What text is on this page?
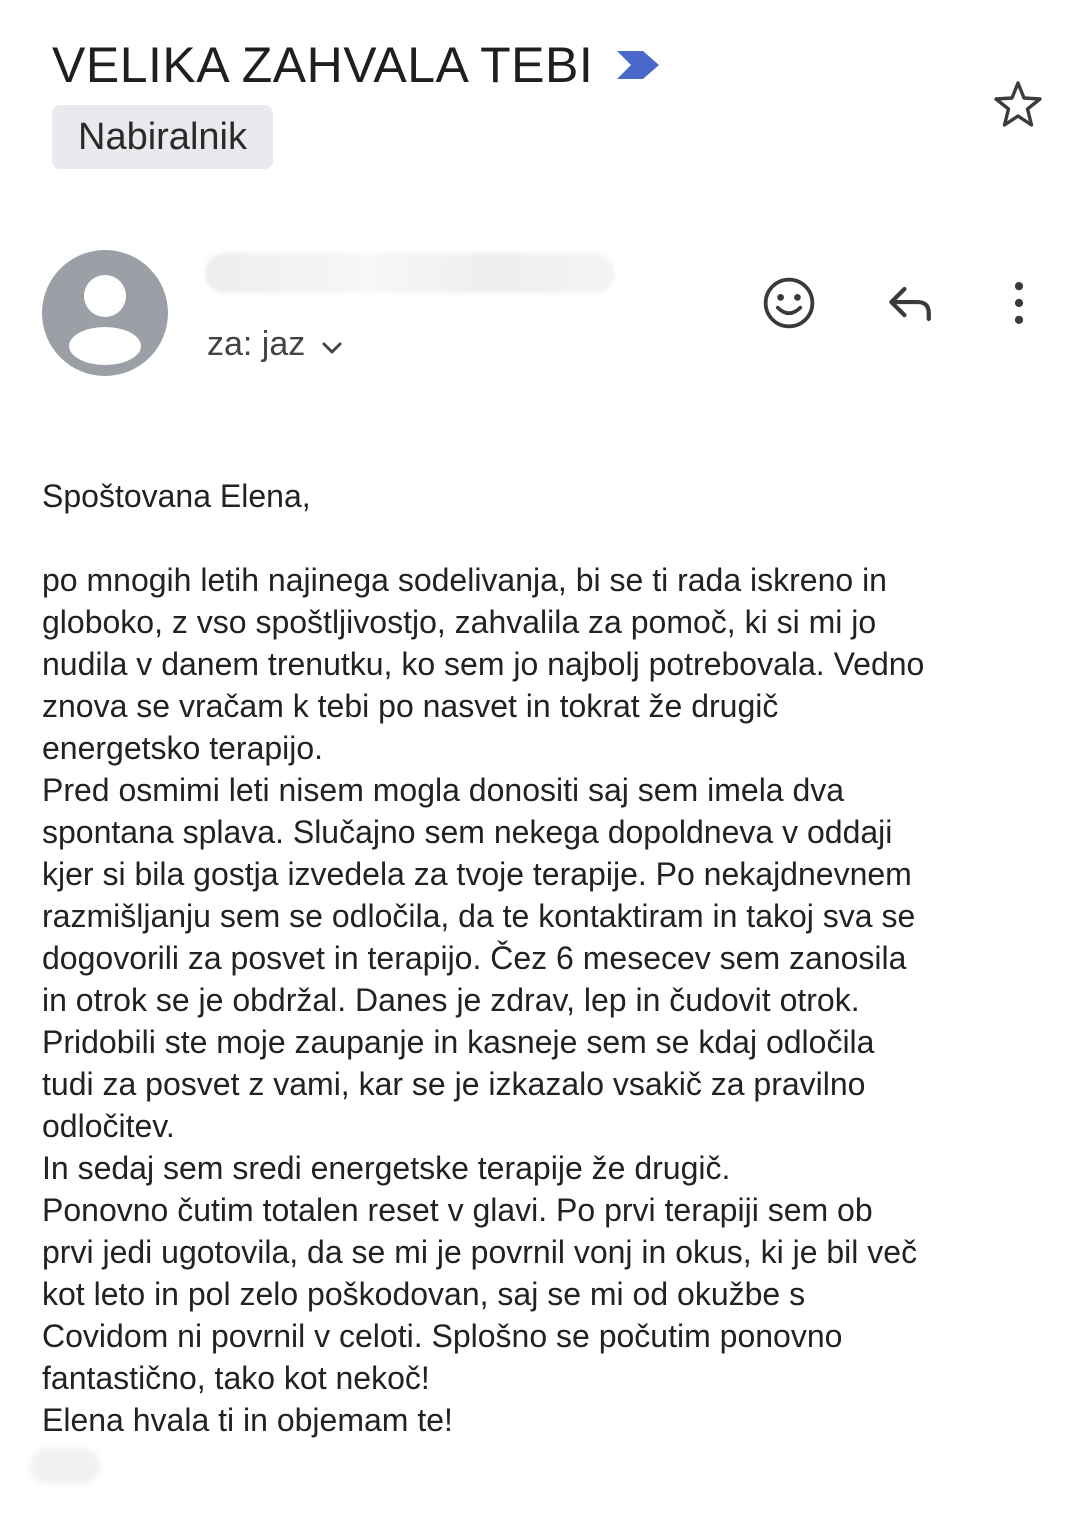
VELIKA ZAHVALA TEBI
Nabiralnik
za: jaz

Spoštovana Elena,

po mnogih letih najinega sodelivanja, bi se ti rada iskreno in

globoko, z vso spoštljivostjo, zahvalila za pomoč, ki si mi jo

nudila v danem trenutku, ko sem jo najbolj potrebovala. Vedno

znova se vračam k tebi po nasvet in tokrat že drugič

energetsko terapijo.

Pred osmimi leti nisem mogla donositi saj sem imela dva

spontana splava. Slučajno sem nekega dopoldneva v oddaji

kjer si bila gostja izvedela za tvoje terapije. Po nekajdnevnem

razmišljanju sem se odločila, da te kontaktiram in takoj sva se

dogovorili za posvet in terapijo. Čez 6 mesecev sem zanosila

in otrok se je obdržal. Danes je zdrav, lep in čudovit otrok.

Pridobili ste moje zaupanje in kasneje sem se kdaj odločila

tudi za posvet z vami, kar se je izkazalo vsakič za pravilno

odločitev.

In sedaj sem sredi energetske terapije že drugič.

Ponovno čutim totalen reset v glavi. Po prvi terapiji sem ob

prvi jedi ugotovila, da se mi je povrnil vonj in okus, ki je bil več

kot leto in pol zelo poškodovan, saj se mi od okužbe s

Covidom ni povrnil v celoti. Splošno se počutim ponovno

fantastično, tako kot nekoč!

Elena hvala ti in objemam te!
